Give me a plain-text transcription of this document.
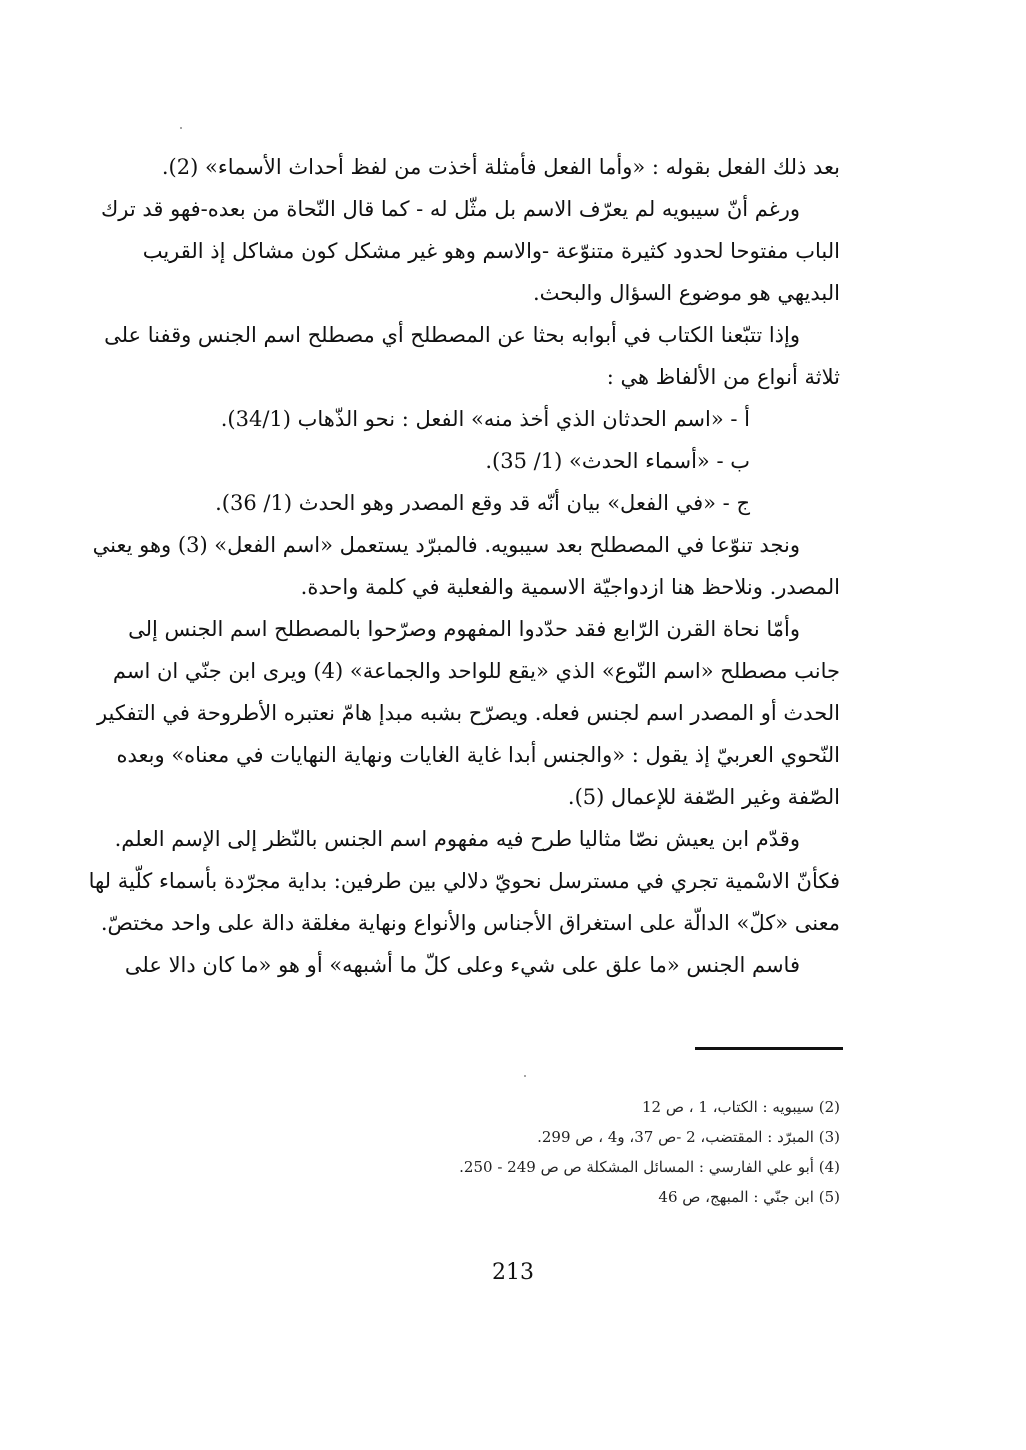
بعد ذلك الفعل بقوله : «وأما الفعل فأمثلة أخذت من لفظ أحداث الأسماء» (2).
ورغم أنّ سيبويه لم يعرّف الاسم بل مثّل له - كما قال النّحاة من بعده-فهو قد ترك
الباب مفتوحا لحدود كثيرة متنوّعة -والاسم وهو غير مشكل كون مشاكل إذ القريب
البديهي هو موضوع السؤال والبحث.
وإذا تتبّعنا الكتاب في أبوابه بحثا عن المصطلح أي مصطلح اسم الجنس وقفنا على
ثلاثة أنواع من الألفاظ هي :
أ - «اسم الحدثان الذي أخذ منه» الفعل : نحو الذّهاب (34/1).
ب - «أسماء الحدث» (1/ 35).
ج - «في الفعل» بيان أنّه قد وقع المصدر وهو الحدث (1/ 36).
ونجد تنوّعا في المصطلح بعد سيبويه. فالمبرّد يستعمل «اسم الفعل» (3) وهو يعني
المصدر. ونلاحظ هنا ازدواجيّة الاسمية والفعلية في كلمة واحدة.
وأمّا نحاة القرن الرّابع فقد حدّدوا المفهوم وصرّحوا بالمصطلح اسم الجنس إلى
جانب مصطلح «اسم النّوع» الذي «يقع للواحد والجماعة» (4) ويرى ابن جنّي ان اسم
الحدث أو المصدر اسم لجنس فعله. ويصرّح بشبه مبدإ هامّ نعتبره الأطروحة في التفكير
النّحوي العربيّ إذ يقول : «والجنس أبدا غاية الغايات ونهاية النهايات في معناه» وبعده
الصّفة وغير الصّفة للإعمال (5).
وقدّم ابن يعيش نصّا مثاليا طرح فيه مفهوم اسم الجنس بالنّظر إلى الإسم العلم.
فكأنّ الاسْمية تجري في مسترسل نحويّ دلالي بين طرفين: بداية مجرّدة بأسماء كلّية لها
معنى «كلّ» الدالّة على استغراق الأجناس والأنواع ونهاية مغلقة دالة على واحد مختصّ.
فاسم الجنس «ما علق على شيء وعلى كلّ ما أشبهه» أو هو «ما كان دالا على
(2) سيبويه : الكتاب، 1 ، ص 12
(3) المبرّد : المقتضب، 2 -ص 37، و4 ، ص 299.
(4) أبو علي الفارسي : المسائل المشكلة ص ص 249 - 250.
(5) ابن جنّي : المبهج، ص 46
213
